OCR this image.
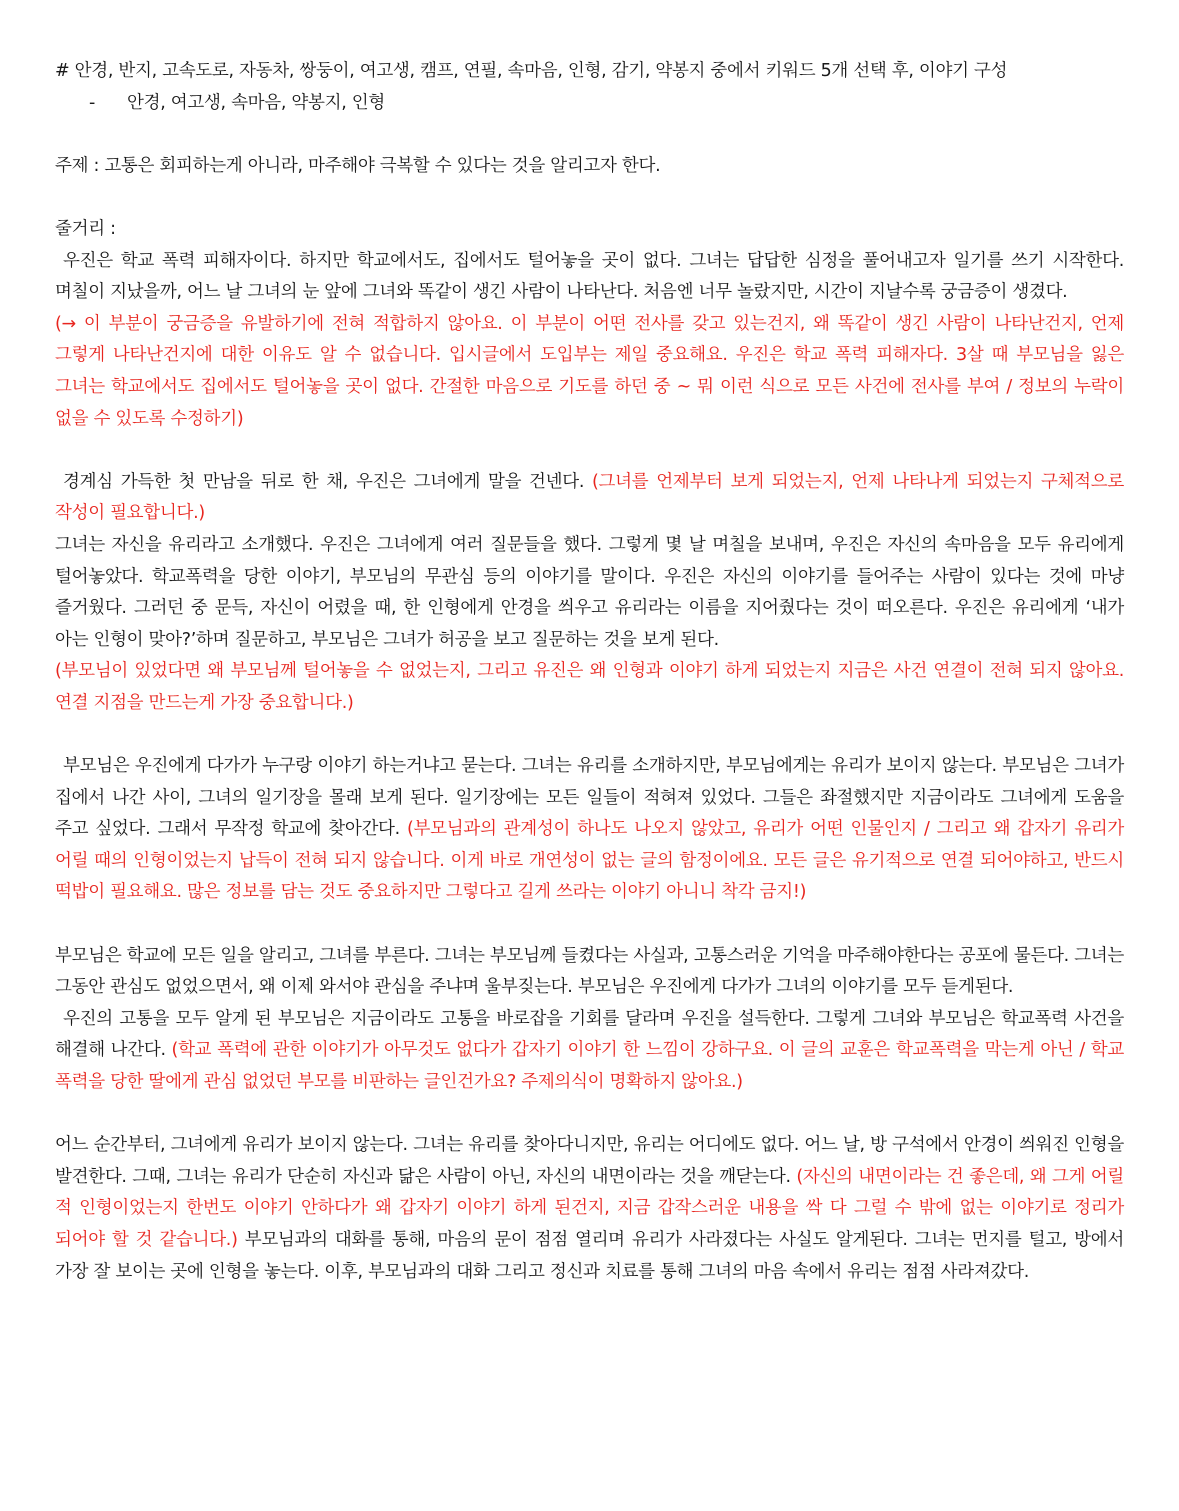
# 안경, 반지, 고속도로, 자동차, 쌍둥이, 여고생, 캠프, 연필, 속마음, 인형, 감기, 약봉지 중에서 키워드 5개 선택 후, 이야기 구성

- 안경, 여고생, 속마음, 약봉지, 인형

주제 : 고통은 회피하는게 아니라, 마주해야 극복할 수 있다는 것을 알리고자 한다.

줄거리 :

우진은 학교 폭력 피해자이다. 하지만 학교에서도, 집에서도 털어놓을 곳이 없다. 그녀는 답답한 심정을 풀어내고자 일기를 쓰기 시작한다. 며칠이 지났을까, 어느 날 그녀의 눈 앞에 그녀와 똑같이 생긴 사람이 나타난다. 처음엔 너무 놀랐지만, 시간이 지날수록 궁금증이 생겼다.
(→ 이 부분이 궁금증을 유발하기에 전혀 적합하지 않아요. 이 부분이 어떤 전사를 갖고 있는건지, 왜 똑같이 생긴 사람이 나타난건지, 언제 그렇게 나타난건지에 대한 이유도 알 수 없습니다. 입시글에서 도입부는 제일 중요해요. 우진은 학교 폭력 피해자다. 3살 때 부모님을 잃은 그녀는 학교에서도 집에서도 털어놓을 곳이 없다. 간절한 마음으로 기도를 하던 중 ~ 뭐 이런 식으로 모든 사건에 전사를 부여 / 정보의 누락이 없을 수 있도록 수정하기)

경계심 가득한 첫 만남을 뒤로 한 채, 우진은 그녀에게 말을 건넨다. (그녀를 언제부터 보게 되었는지, 언제 나타나게 되었는지 구체적으로 작성이 필요합니다.)

그녀는 자신을 유리라고 소개했다. 우진은 그녀에게 여러 질문들을 했다. 그렇게 몇 날 며칠을 보내며, 우진은 자신의 속마음을 모두 유리에게 털어놓았다. 학교폭력을 당한 이야기, 부모님의 무관심 등의 이야기를 말이다. 우진은 자신의 이야기를 들어주는 사람이 있다는 것에 마냥 즐거웠다. 그러던 중 문득, 자신이 어렸을 때, 한 인형에게 안경을 씌우고 유리라는 이름을 지어줬다는 것이 떠오른다. 우진은 유리에게 ‘내가 아는 인형이 맞아?’하며 질문하고, 부모님은 그녀가 허공을 보고 질문하는 것을 보게 된다.
(부모님이 있었다면 왜 부모님께 털어놓을 수 없었는지, 그리고 유진은 왜 인형과 이야기 하게 되었는지 지금은 사건 연결이 전혀 되지 않아요. 연결 지점을 만드는게 가장 중요합니다.)

부모님은 우진에게 다가가 누구랑 이야기 하는거냐고 묻는다. 그녀는 유리를 소개하지만, 부모님에게는 유리가 보이지 않는다. 부모님은 그녀가 집에서 나간 사이, 그녀의 일기장을 몰래 보게 된다. 일기장에는 모든 일들이 적혀져 있었다. 그들은 좌절했지만 지금이라도 그녀에게 도움을 주고 싶었다. 그래서 무작정 학교에 찾아간다. (부모님과의 관계성이 하나도 나오지 않았고, 유리가 어떤 인물인지 / 그리고 왜 갑자기 유리가 어릴 때의 인형이었는지 납득이 전혀 되지 않습니다. 이게 바로 개연성이 없는 글의 함정이에요. 모든 글은 유기적으로 연결 되어야하고, 반드시 떡밥이 필요해요. 많은 정보를 담는 것도 중요하지만 그렇다고 길게 쓰라는 이야기 아니니 착각 금지!)

부모님은 학교에 모든 일을 알리고, 그녀를 부른다. 그녀는 부모님께 들켰다는 사실과, 고통스러운 기억을 마주해야한다는 공포에 물든다. 그녀는 그동안 관심도 없었으면서, 왜 이제 와서야 관심을 주냐며 울부짖는다. 부모님은 우진에게 다가가 그녀의 이야기를 모두 듣게된다.

우진의 고통을 모두 알게 된 부모님은 지금이라도 고통을 바로잡을 기회를 달라며 우진을 설득한다. 그렇게 그녀와 부모님은 학교폭력 사건을 해결해 나간다. (학교 폭력에 관한 이야기가 아무것도 없다가 갑자기 이야기 한 느낌이 강하구요. 이 글의 교훈은 학교폭력을 막는게 아닌 / 학교 폭력을 당한 딸에게 관심 없었던 부모를 비판하는 글인건가요? 주제의식이 명확하지 않아요.)

어느 순간부터, 그녀에게 유리가 보이지 않는다. 그녀는 유리를 찾아다니지만, 유리는 어디에도 없다. 어느 날, 방 구석에서 안경이 씌워진 인형을 발견한다. 그때, 그녀는 유리가 단순히 자신과 닮은 사람이 아닌, 자신의 내면이라는 것을 깨닫는다. (자신의 내면이라는 건 좋은데, 왜 그게 어릴 적 인형이었는지 한번도 이야기 안하다가 왜 갑자기 이야기 하게 된건지, 지금 갑작스러운 내용을 싹 다 그럴 수 밖에 없는 이야기로 정리가 되어야 할 것 같습니다.) 부모님과의 대화를 통해, 마음의 문이 점점 열리며 유리가 사라졌다는 사실도 알게된다. 그녀는 먼지를 털고, 방에서 가장 잘 보이는 곳에 인형을 놓는다. 이후, 부모님과의 대화 그리고 정신과 치료를 통해 그녀의 마음 속에서 유리는 점점 사라져갔다.
